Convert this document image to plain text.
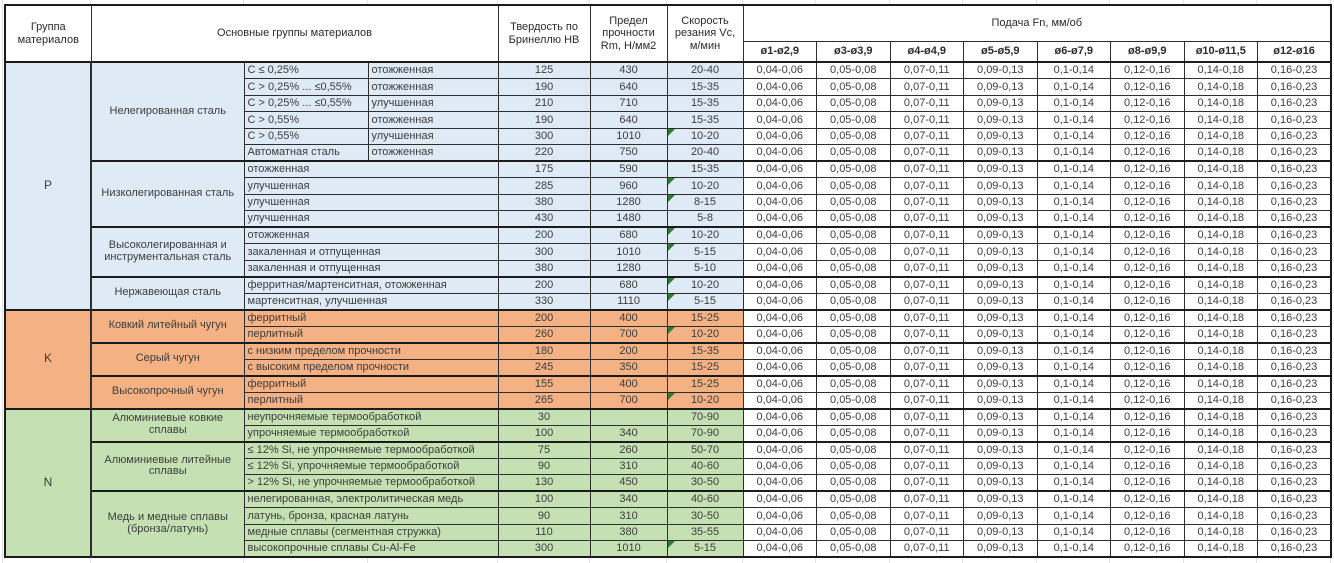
Группа материалов	Основные группы материалов			Твердость по Бринеллю HB	Предел прочности Rm, Н/мм2	Скорость резания Vc, м/мин	Подача Fn, мм/об							
							ø1-ø2,9	ø3-ø3,9	ø4-ø4,9	ø5-ø5,9	ø6-ø7,9	ø8-ø9,9	ø10-ø11,5	ø12-ø16
P	Нелегированная сталь	C ≤ 0,25%	отожженная	125	430	20-40	0,04-0,06	0,05-0,08	0,07-0,11	0,09-0,13	0,1-0,14	0,12-0,16	0,14-0,18	0,16-0,23
		C > 0,25% ... ≤0,55%	отожженная	190	640	15-35	0,04-0,06	0,05-0,08	0,07-0,11	0,09-0,13	0,1-0,14	0,12-0,16	0,14-0,18	0,16-0,23
		C > 0,25% ... ≤0,55%	улучшенная	210	710	15-35	0,04-0,06	0,05-0,08	0,07-0,11	0,09-0,13	0,1-0,14	0,12-0,16	0,14-0,18	0,16-0,23
		C > 0,55%	отожженная	190	640	15-35	0,04-0,06	0,05-0,08	0,07-0,11	0,09-0,13	0,1-0,14	0,12-0,16	0,14-0,18	0,16-0,23
		C > 0,55%	улучшенная	300	1010	10-20	0,04-0,06	0,05-0,08	0,07-0,11	0,09-0,13	0,1-0,14	0,12-0,16	0,14-0,18	0,16-0,23
		Автоматная сталь	отожженная	220	750	20-40	0,04-0,06	0,05-0,08	0,07-0,11	0,09-0,13	0,1-0,14	0,12-0,16	0,14-0,18	0,16-0,23
	Низколегированная сталь	отожженная		175	590	15-35	0,04-0,06	0,05-0,08	0,07-0,11	0,09-0,13	0,1-0,14	0,12-0,16	0,14-0,18	0,16-0,23
		улучшенная		285	960	10-20	0,04-0,06	0,05-0,08	0,07-0,11	0,09-0,13	0,1-0,14	0,12-0,16	0,14-0,18	0,16-0,23
		улучшенная		380	1280	8-15	0,04-0,06	0,05-0,08	0,07-0,11	0,09-0,13	0,1-0,14	0,12-0,16	0,14-0,18	0,16-0,23
		улучшенная		430	1480	5-8	0,04-0,06	0,05-0,08	0,07-0,11	0,09-0,13	0,1-0,14	0,12-0,16	0,14-0,18	0,16-0,23
	Высоколегированная и инструментальная сталь	отожженная		200	680	10-20	0,04-0,06	0,05-0,08	0,07-0,11	0,09-0,13	0,1-0,14	0,12-0,16	0,14-0,18	0,16-0,23
		закаленная и отпущенная		300	1010	5-15	0,04-0,06	0,05-0,08	0,07-0,11	0,09-0,13	0,1-0,14	0,12-0,16	0,14-0,18	0,16-0,23
		закаленная и отпущенная		380	1280	5-10	0,04-0,06	0,05-0,08	0,07-0,11	0,09-0,13	0,1-0,14	0,12-0,16	0,14-0,18	0,16-0,23
	Нержавеющая сталь	ферритная/мартенситная, отожженная		200	680	10-20	0,04-0,06	0,05-0,08	0,07-0,11	0,09-0,13	0,1-0,14	0,12-0,16	0,14-0,18	0,16-0,23
		мартенситная, улучшенная		330	1110	5-15	0,04-0,06	0,05-0,08	0,07-0,11	0,09-0,13	0,1-0,14	0,12-0,16	0,14-0,18	0,16-0,23
K	Ковкий литейный чугун	ферритный		200	400	15-25	0,04-0,06	0,05-0,08	0,07-0,11	0,09-0,13	0,1-0,14	0,12-0,16	0,14-0,18	0,16-0,23
		перлитный		260	700	10-20	0,04-0,06	0,05-0,08	0,07-0,11	0,09-0,13	0,1-0,14	0,12-0,16	0,14-0,18	0,16-0,23
	Серый чугун	с низким пределом прочности		180	200	15-35	0,04-0,06	0,05-0,08	0,07-0,11	0,09-0,13	0,1-0,14	0,12-0,16	0,14-0,18	0,16-0,23
		с высоким пределом прочности		245	350	15-25	0,04-0,06	0,05-0,08	0,07-0,11	0,09-0,13	0,1-0,14	0,12-0,16	0,14-0,18	0,16-0,23
	Высокопрочный чугун	ферритный		155	400	15-25	0,04-0,06	0,05-0,08	0,07-0,11	0,09-0,13	0,1-0,14	0,12-0,16	0,14-0,18	0,16-0,23
		перлитный		265	700	10-20	0,04-0,06	0,05-0,08	0,07-0,11	0,09-0,13	0,1-0,14	0,12-0,16	0,14-0,18	0,16-0,23
N	Алюминиевые ковкие сплавы	неупрочняемые термообработкой		30		70-90	0,04-0,06	0,05-0,08	0,07-0,11	0,09-0,13	0,1-0,14	0,12-0,16	0,14-0,18	0,16-0,23
		упрочняемые термообработкой		100	340	70-90	0,04-0,06	0,05-0,08	0,07-0,11	0,09-0,13	0,1-0,14	0,12-0,16	0,14-0,18	0,16-0,23
	Алюминиевые литейные сплавы	≤ 12% Si, не упрочняемые термообработкой		75	260	50-70	0,04-0,06	0,05-0,08	0,07-0,11	0,09-0,13	0,1-0,14	0,12-0,16	0,14-0,18	0,16-0,23
		≤ 12% Si, упрочняемые термообработкой		90	310	40-60	0,04-0,06	0,05-0,08	0,07-0,11	0,09-0,13	0,1-0,14	0,12-0,16	0,14-0,18	0,16-0,23
		> 12% Si, не упрочняемые термообработкой		130	450	30-50	0,04-0,06	0,05-0,08	0,07-0,11	0,09-0,13	0,1-0,14	0,12-0,16	0,14-0,18	0,16-0,23
	Медь и медные сплавы (бронза/латунь)	нелегированная, электролитическая медь		100	340	40-60	0,04-0,06	0,05-0,08	0,07-0,11	0,09-0,13	0,1-0,14	0,12-0,16	0,14-0,18	0,16-0,23
		латунь, бронза, красная латунь		90	310	30-50	0,04-0,06	0,05-0,08	0,07-0,11	0,09-0,13	0,1-0,14	0,12-0,16	0,14-0,18	0,16-0,23
		медные сплавы (сегментная стружка)		110	380	35-55	0,04-0,06	0,05-0,08	0,07-0,11	0,09-0,13	0,1-0,14	0,12-0,16	0,14-0,18	0,16-0,23
		высокопрочные сплавы Cu-Al-Fe		300	1010	5-15	0,04-0,06	0,05-0,08	0,07-0,11	0,09-0,13	0,1-0,14	0,12-0,16	0,14-0,18	0,16-0,23
